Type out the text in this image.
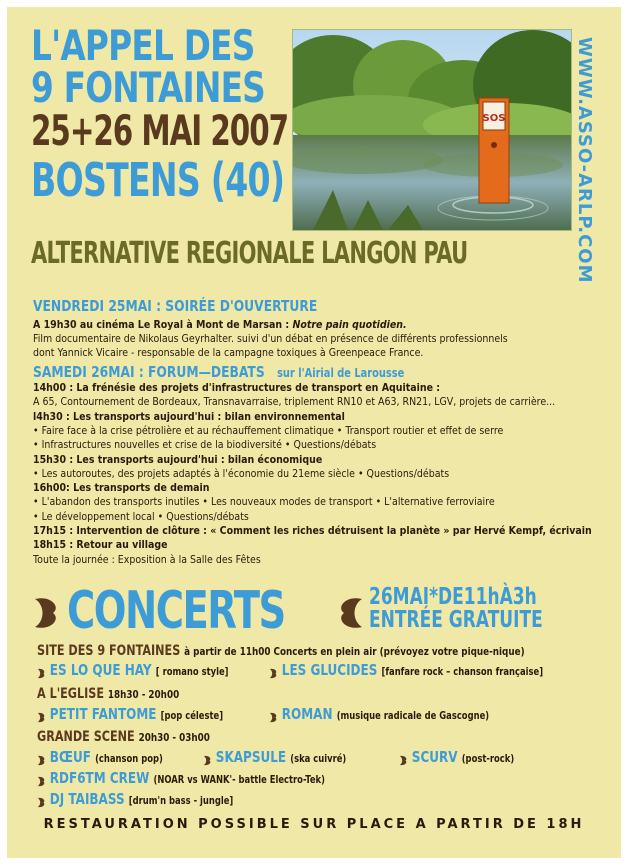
L'APPEL DES
9 FONTAINES
25+26 MAI 2007
BOSTENS (40)
ALTERNATIVE REGIONALE LANGON PAU	WWW.ASSO-ARLP.COM
SOS
VENDREDI 25MAI : SOIRÉE D'OUVERTURE
A 19h30 au cinéma Le Royal à Mont de Marsan : Notre pain quotidien.
Film documentaire de Nikolaus Geyrhalter. suivi d'un débat en présence de différents professionnels
dont Yannick Vicaire - responsable de la campagne toxiques à Greenpeace France.
SAMEDI 26MAI : FORUM—DEBATS sur l'Airial de Larousse
14h00 : La frénésie des projets d'infrastructures de transport en Aquitaine :
A 65, Contournement de Bordeaux, Transnavarraise, triplement RN10 et A63, RN21, LGV, projets de carrière...
l4h30 : Les transports aujourd'hui : bilan environnemental
• Faire face à la crise pétrolière et au réchauffement climatique • Transport routier et effet de serre
• Infrastructures nouvelles et crise de la biodiversité • Questions/débats
15h30 : Les transports aujourd'hui : bilan économique
• Les autoroutes, des projets adaptés à l'économie du 21eme siècle • Questions/débats
16h00: Les transports de demain
• L'abandon des transports inutiles • Les nouveaux modes de transport • L'alternative ferroviaire
• Le développement local • Questions/débats
17h15 : Intervention de clôture : « Comment les riches détruisent la planète » par Hervé Kempf, écrivain
18h15 : Retour au village
Toute la journée : Exposition à la Salle des Fêtes
CONCERTS	26MAI*DE11hÀ3h
ENTRÉE GRATUITE
SITE DES 9 FONTAINES à partir de 11h00 Concerts en plein air (prévoyez votre pique-nique)
ES LO QUE HAY [ romano style]	LES GLUCIDES [fanfare rock – chanson française]
A L'EGLISE 18h30 - 20h00
PETIT FANTOME [pop céleste]	ROMAN (musique radicale de Gascogne)
GRANDE SCENE 20h30 - 03h00
BŒUF (chanson pop)	SKAPSULE (ska cuivré)	SCURV (post-rock)
RDF6TM CREW (NOAR vs WANK'- battle Electro-Tek)
DJ TAIBASS [drum'n bass - jungle]
RESTAURATION POSSIBLE SUR PLACE A PARTIR DE 18H
